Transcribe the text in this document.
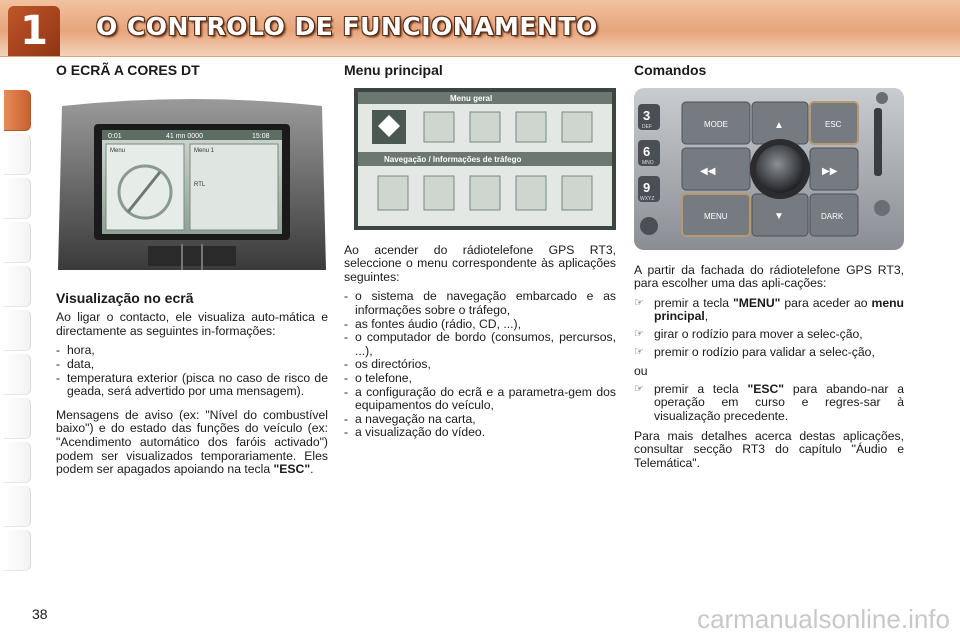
1	O CONTROLO DE FUNCIONAMENTO
O ECRÃ A CORES DT
0:01	41 mn 0000	15:08
Menu	Menu 1
RTL
Visualização no ecrã

Ao ligar o contacto, ele visualiza auto-mática e directamente as seguintes in-formações:

- hora,
- data,
- temperatura exterior (pisca no caso de risco de geada, será advertido por uma mensagem).

Mensagens de aviso (ex: "Nível do combustível baixo") e do estado das funções do veículo (ex: "Acendimento automático dos faróis activado") podem ser visualizados temporariamente. Eles podem ser apagados apoiando na tecla "ESC".

Menu principal
Menu geral
Navegação / Informações de tráfego

Ao acender do rádiotelefone GPS RT3, seleccione o menu correspondente às aplicações seguintes:

- o sistema de navegação embarcado e as informações sobre o tráfego,
- as fontes áudio (rádio, CD, ...),
- o computador de bordo (consumos, percursos, ...),
- os directórios,
- o telefone,
- a configuração do ecrã e a parametra-gem dos equipamentos do veículo,
- a navegação na carta,
- a visualização do vídeo.
Comandos
3
DEF
6
MNO
9
WXYZ
MODE	▲	ESC
◀◀	▶▶
MENU	▼	DARK

A partir da fachada do rádiotelefone GPS RT3, para escolher uma das apli-cações:

☞ premir a tecla "MENU" para aceder ao menu principal,
☞ girar o rodízio para mover a selec-ção,
☞ premir o rodízio para validar a selec-ção,

ou

☞ premir a tecla "ESC" para abando-nar a operação em curso e regres-sar à visualização precedente.

Para mais detalhes acerca destas aplicações, consultar secção RT3 do capítulo "Áudio e Telemática".

38	carmanualsonline.info
